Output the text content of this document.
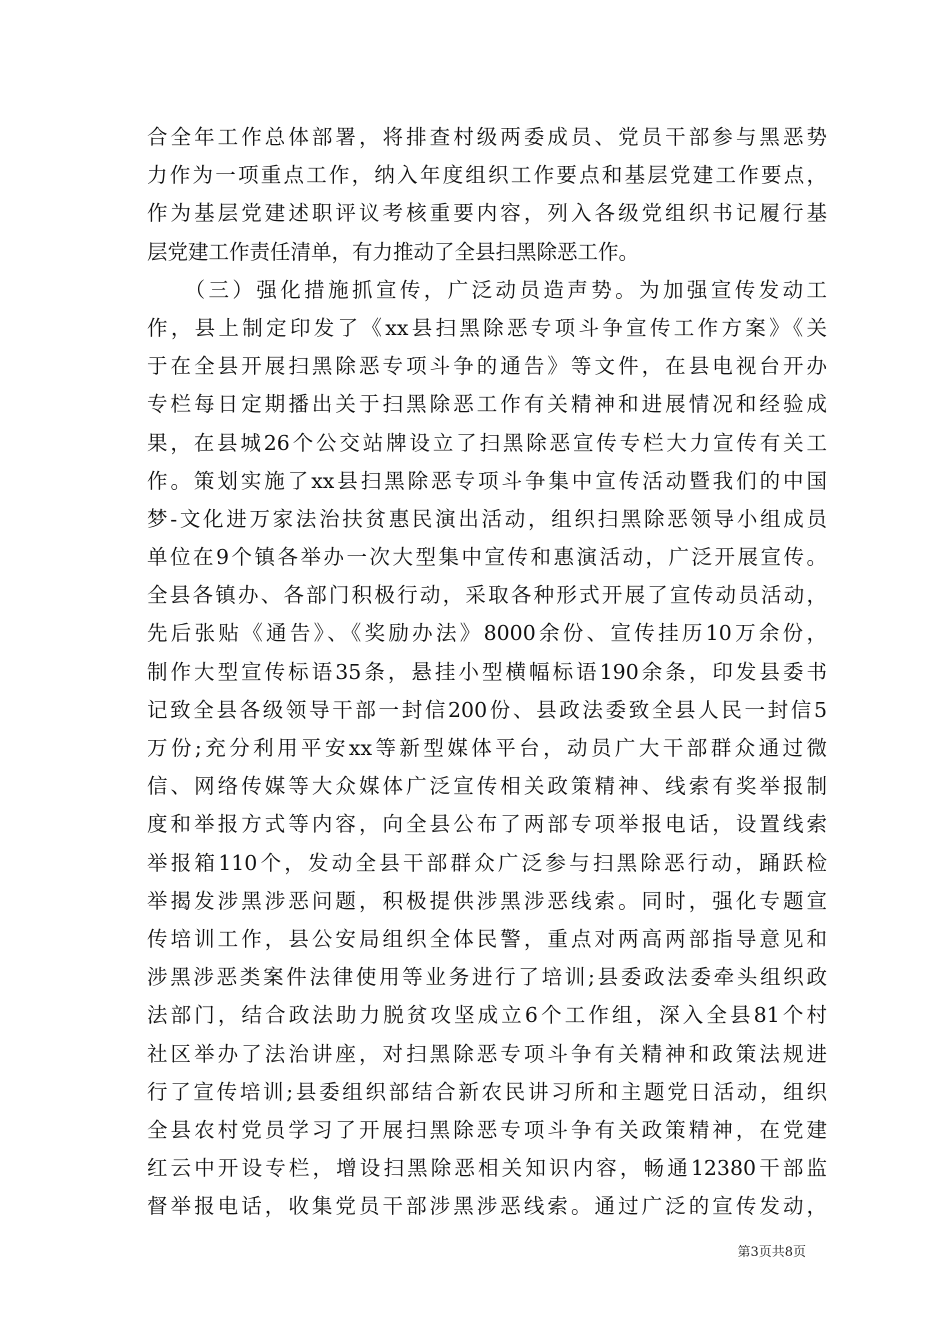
合全年工作总体部署，将排查村级两委成员、党员干部参与黑恶势
力作为一项重点工作，纳入年度组织工作要点和基层党建工作要点，
作为基层党建述职评议考核重要内容，列入各级党组织书记履行基
层党建工作责任清单，有力推动了全县扫黑除恶工作。
　　（三）强化措施抓宣传，广泛动员造声势。为加强宣传发动工
作，县上制定印发了《xx县扫黑除恶专项斗争宣传工作方案》《关
于在全县开展扫黑除恶专项斗争的通告》等文件，在县电视台开办
专栏每日定期播出关于扫黑除恶工作有关精神和进展情况和经验成
果，在县城26个公交站牌设立了扫黑除恶宣传专栏大力宣传有关工
作。策划实施了xx县扫黑除恶专项斗争集中宣传活动暨我们的中国
梦-文化进万家法治扶贫惠民演出活动，组织扫黑除恶领导小组成员
单位在9个镇各举办一次大型集中宣传和惠演活动，广泛开展宣传。
全县各镇办、各部门积极行动，采取各种形式开展了宣传动员活动，
先后张贴《通告》、《奖励办法》8000余份、宣传挂历10万余份，
制作大型宣传标语35条，悬挂小型横幅标语190余条，印发县委书
记致全县各级领导干部一封信200份、县政法委致全县人民一封信5
万份;充分利用平安xx等新型媒体平台，动员广大干部群众通过微
信、网络传媒等大众媒体广泛宣传相关政策精神、线索有奖举报制
度和举报方式等内容，向全县公布了两部专项举报电话，设置线索
举报箱110个，发动全县干部群众广泛参与扫黑除恶行动，踊跃检
举揭发涉黑涉恶问题，积极提供涉黑涉恶线索。同时，强化专题宣
传培训工作，县公安局组织全体民警，重点对两高两部指导意见和
涉黑涉恶类案件法律使用等业务进行了培训;县委政法委牵头组织政
法部门，结合政法助力脱贫攻坚成立6个工作组，深入全县81个村
社区举办了法治讲座，对扫黑除恶专项斗争有关精神和政策法规进
行了宣传培训;县委组织部结合新农民讲习所和主题党日活动，组织
全县农村党员学习了开展扫黑除恶专项斗争有关政策精神，在党建
红云中开设专栏，增设扫黑除恶相关知识内容，畅通12380干部监
督举报电话，收集党员干部涉黑涉恶线索。通过广泛的宣传发动，
第3页共8页
